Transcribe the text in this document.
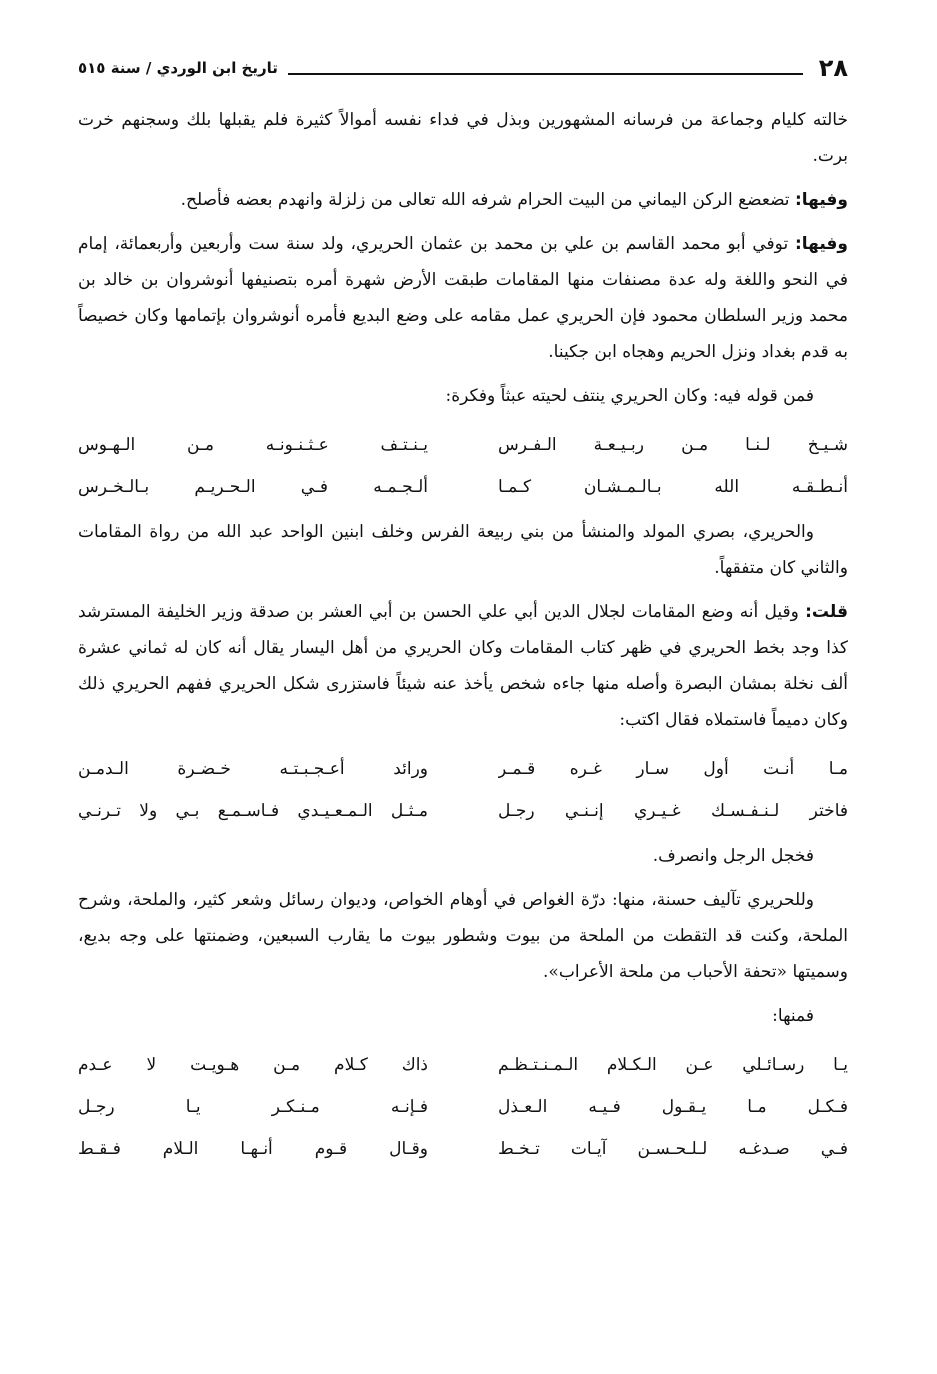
٢٨
تاريخ ابن الوردي / سنة ٥١٥

خالته كليام وجماعة من فرسانه المشهورين وبذل في فداء نفسه أموالاً كثيرة فلم يقبلها بلك وسجنهم خرت برت.

وفيها: تضعضع الركن اليماني من البيت الحرام شرفه الله تعالى من زلزلة وانهدم بعضه فأصلح.

وفيها: توفي أبو محمد القاسم بن علي بن محمد بن عثمان الحريري، ولد سنة ست وأربعين وأربعمائة، إمام في النحو واللغة وله عدة مصنفات منها المقامات طبقت الأرض شهرة أمره بتصنيفها أنوشروان بن خالد بن محمد وزير السلطان محمود فإن الحريري عمل مقامه على وضع البديع فأمره أنوشروان بإتمامها وكان خصيصاً به قدم بغداد ونزل الحريم وهجاه ابن جكينا.

فمن قوله فيه: وكان الحريري ينتف لحيته عبثاً وفكرة:

شـيـخ لـنـا مـن ربـيـعـة الـفـرس
يـنـتـف عـثـنـونـه مـن الـهـوس
أنـطـقـه الله بـالـمـشـان كـمـا
ألـجـمـه فـي الـحـريـم بـالـخـرس

والحريري، بصري المولد والمنشأ من بني ربيعة الفرس وخلف ابنين الواحد عبد الله من رواة المقامات والثاني كان متفقهاً.

قلت: وقيل أنه وضع المقامات لجلال الدين أبي علي الحسن بن أبي العشر بن صدقة وزير الخليفة المسترشد كذا وجد بخط الحريري في ظهر كتاب المقامات وكان الحريري من أهل اليسار يقال أنه كان له ثماني عشرة ألف نخلة بمشان البصرة وأصله منها جاءه شخص يأخذ عنه شيئاً فاستزرى شكل الحريري ففهم الحريري ذلك وكان دميماً فاستملاه فقال اكتب:

مـا أنـت أول سـار غـره قـمـر
ورائد أعـجـبـتـه خـضـرة الـدمـن
فاختر لـنـفـسـك غـيـري إنـنـي رجـل
مـثـل الـمـعـيـدي فـاسـمـع بـي ولا تـرنـي

فخجل الرجل وانصرف.

وللحريري تآليف حسنة، منها: درّة الغواص في أوهام الخواص، وديوان رسائل وشعر كثير، والملحة، وشرح الملحة، وكنت قد التقطت من الملحة من بيوت وشطور بيوت ما يقارب السبعين، وضمنتها على وجه بديع، وسميتها «تحفة الأحباب من ملحة الأعراب».

فمنها:

يـا رسـائـلي عـن الـكـلام الـمـنـتـظـم
ذاك كـلام مـن هـويـت لا عـدم
فـكـل مـا يـقـول فـيـه الـعـذل
فـإنـه مـنـكـر يـا رجـل
فـي صـدغـه لـلـحـسـن آيـات تـخـط
وقـال قـوم أنـهـا الـلام فـقـط
